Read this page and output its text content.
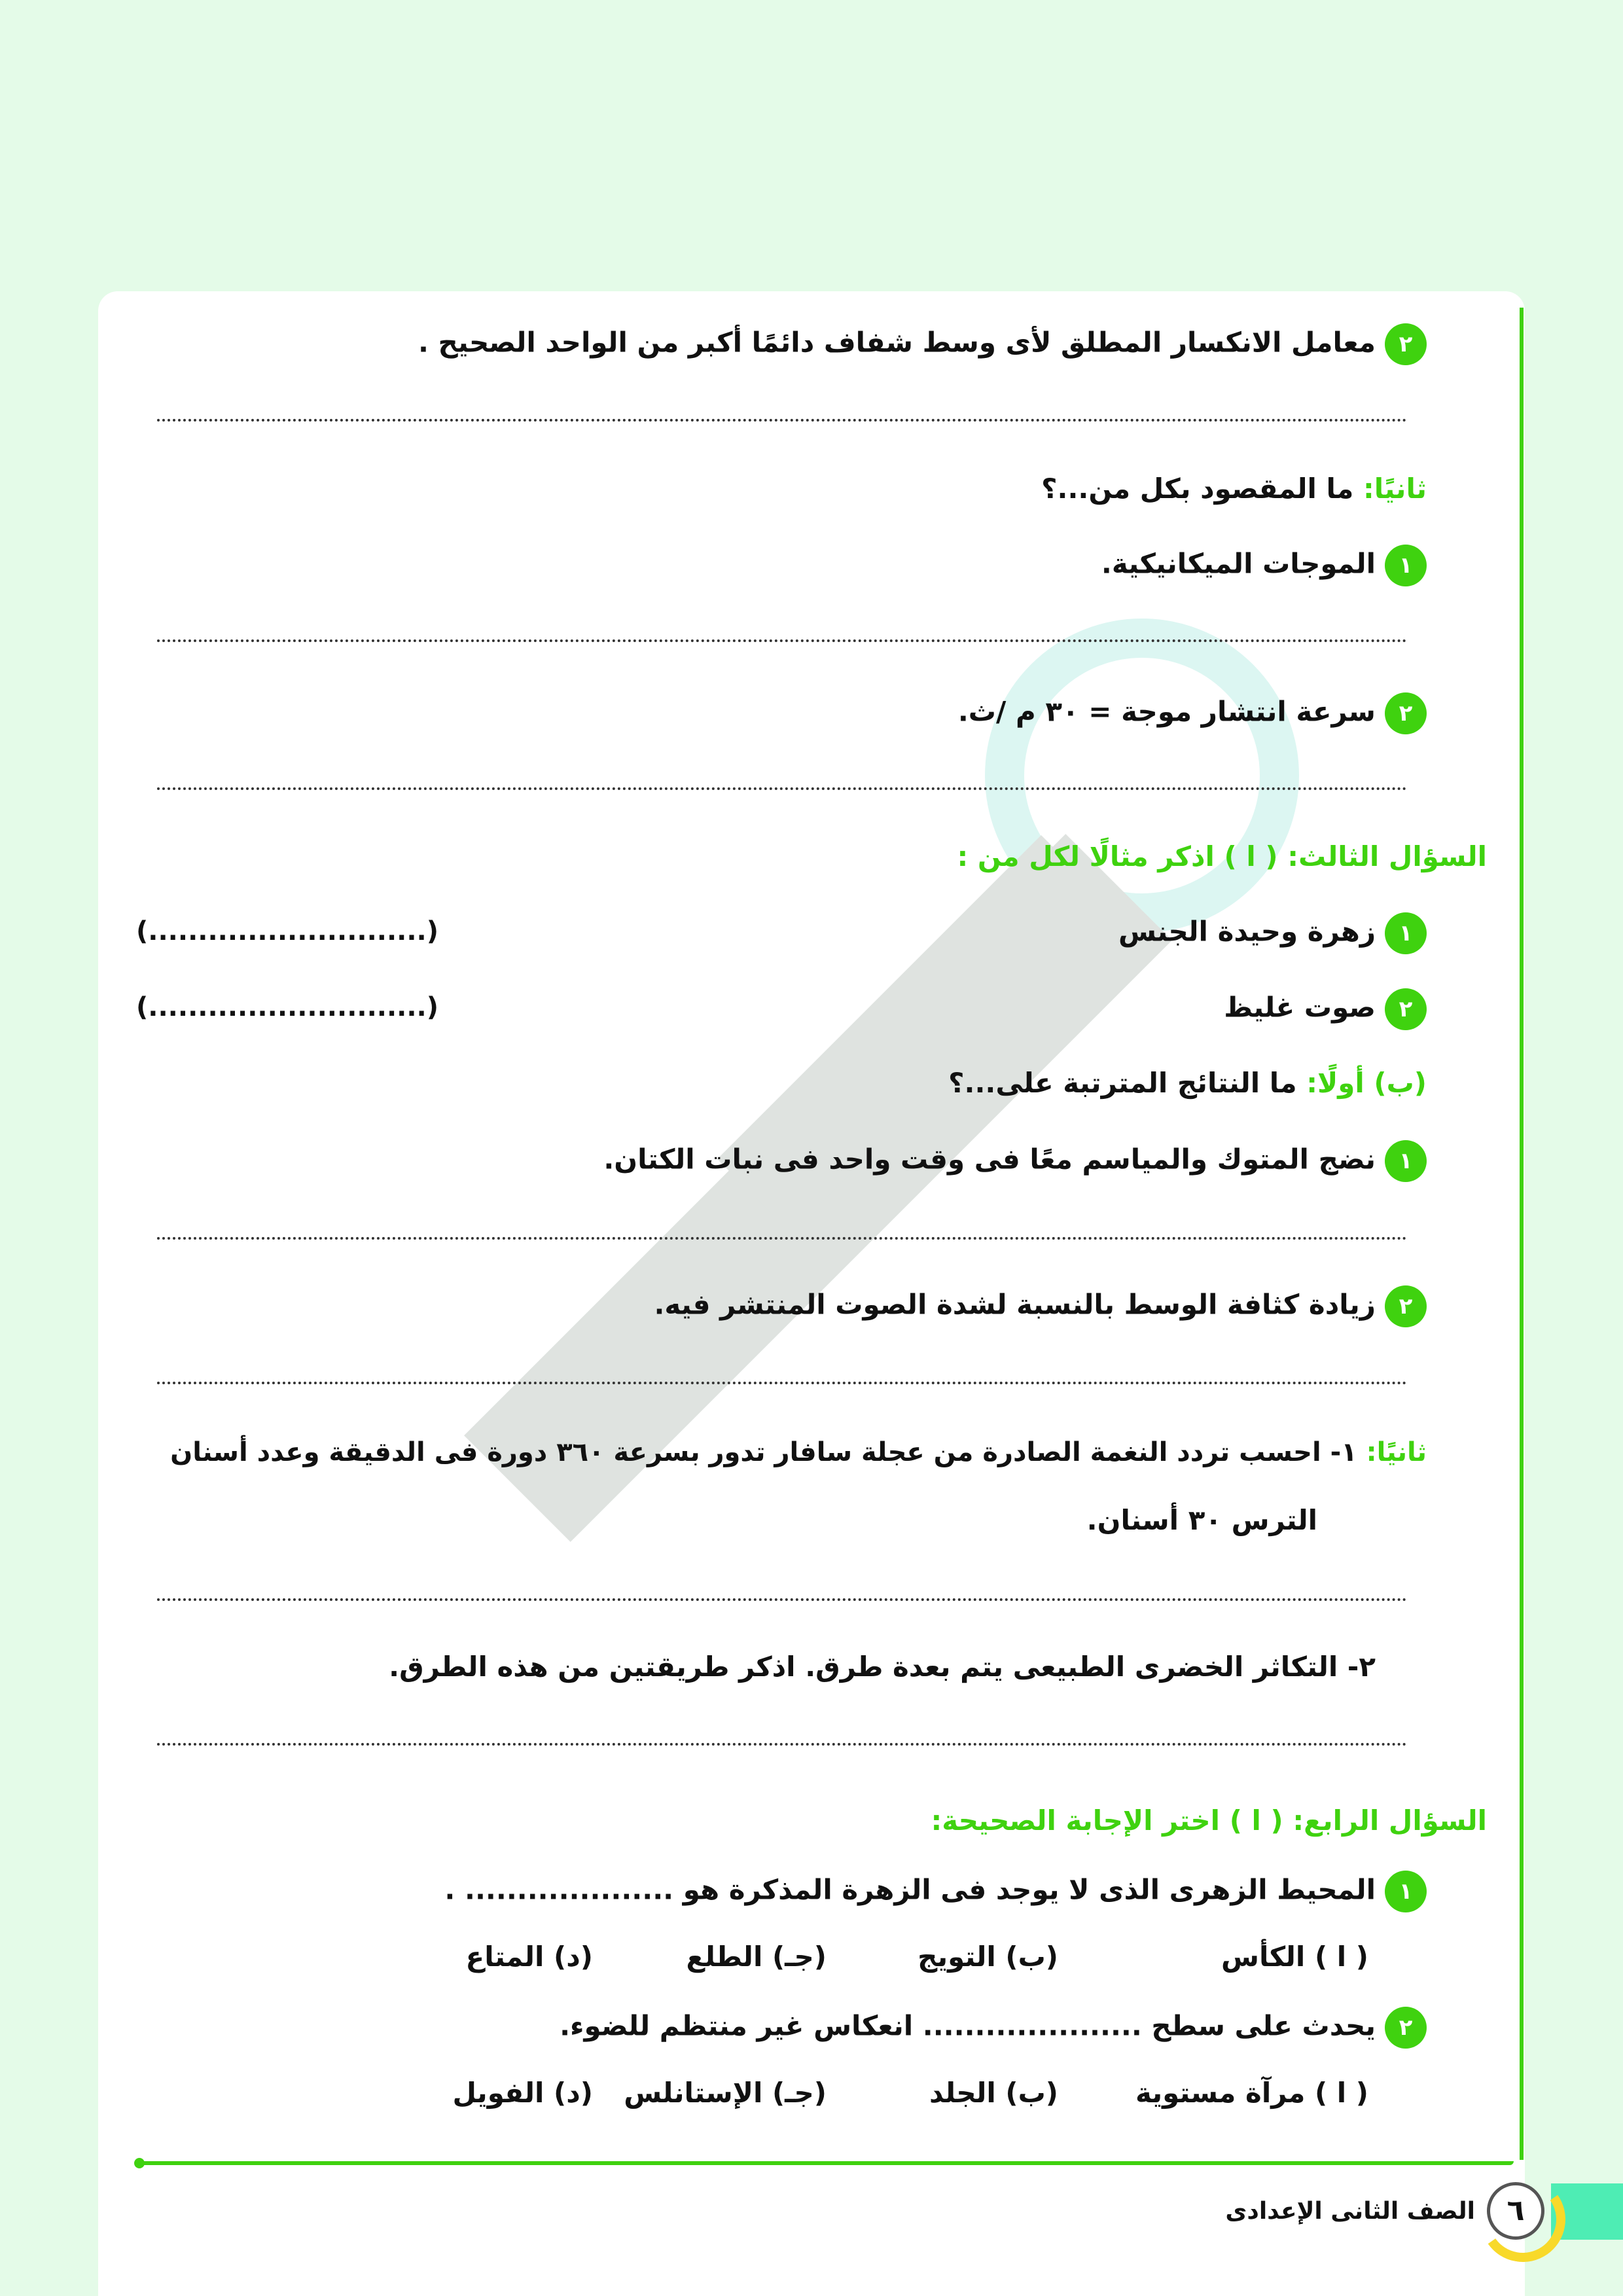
٢معامل الانكسار المطلق لأى وسط شفاف دائمًا أكبر من الواحد الصحيح .
ثانيًا: ما المقصود بكل من...؟
١الموجات الميكانيكية.
٢سرعة انتشار موجة = ٣٠ م /ث.
السؤال الثالث: ( ا ) اذكر مثالًا لكل من :
١زهرة وحيدة الجنس
(............................)
٢صوت غليظ
(............................)
(ب) أولًا: ما النتائج المترتبة على...؟
١نضج المتوك والمياسم معًا فى وقت واحد فى نبات الكتان.
٢زيادة كثافة الوسط بالنسبة لشدة الصوت المنتشر فيه.
ثانيًا: ١- احسب تردد النغمة الصادرة من عجلة سافار تدور بسرعة ٣٦٠ دورة فى الدقيقة وعدد أسنان
الترس ٣٠ أسنان.
٢- التكاثر الخضرى الطبيعى يتم بعدة طرق. اذكر طريقتين من هذه الطرق.
السؤال الرابع: ( ا ) اختر الإجابة الصحيحة:
١المحيط الزهرى الذى لا يوجد فى الزهرة المذكرة هو .................... .
( ا ) الكأس
(ب) التويج
(جـ) الطلع
(د) المتاع
٢يحدث على سطح ..................... انعكاس غير منتظم للضوء.
( ا ) مرآة مستوية
(ب) الجلد
(جـ) الإستانلس
(د) الفويل
٦
الصف الثانى الإعدادى
